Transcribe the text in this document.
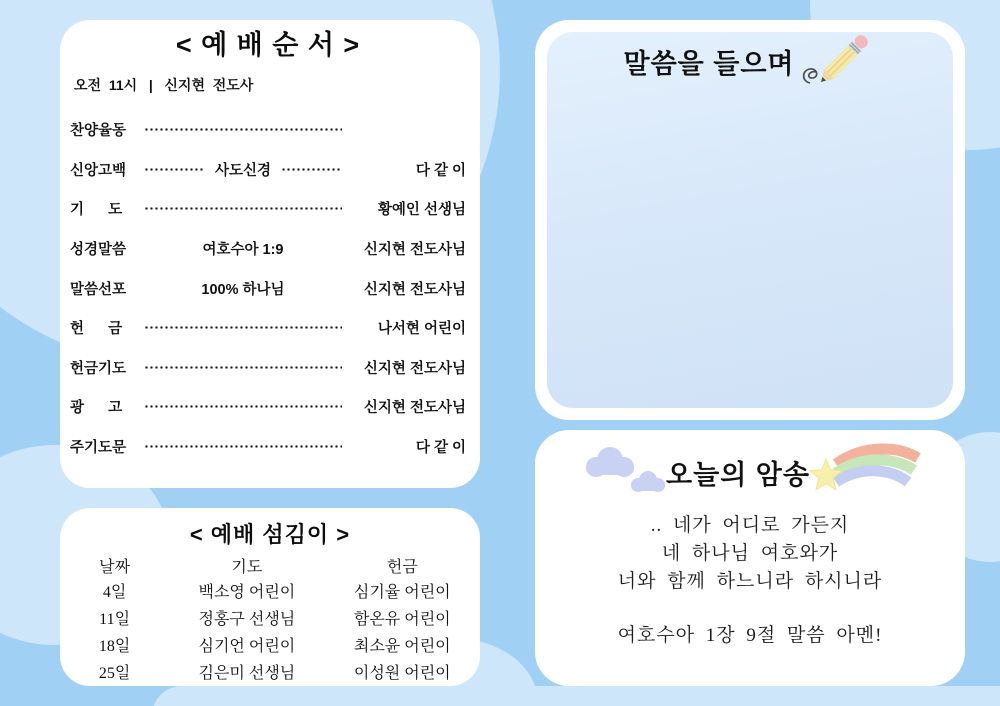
< 예 배 순 서 >
오전  11시   |   신지현  전도사
찬양율동
신앙고백	사도신경	다 같 이
기      도	황예인 선생님
성경말씀	여호수아 1:9	신지현 전도사님
말씀선포	100% 하나님	신지현 전도사님
헌      금	나서현 어린이
헌금기도	신지현 전도사님
광      고	신지현 전도사님
주기도문	다 같 이
< 예배 섬김이 >
날짜	기도	헌금
4일	백소영 어린이	심기율 어린이
11일	정홍구 선생님	함온유 어린이
18일	심기언 어린이	최소윤 어린이
25일	김은미 선생님	이성원 어린이
말씀을 들으며
오늘의 암송
.. 네가 어디로 가든지
네 하나님 여호와가
너와 함께 하느니라 하시니라
여호수아 1장 9절 말씀 아멘!
